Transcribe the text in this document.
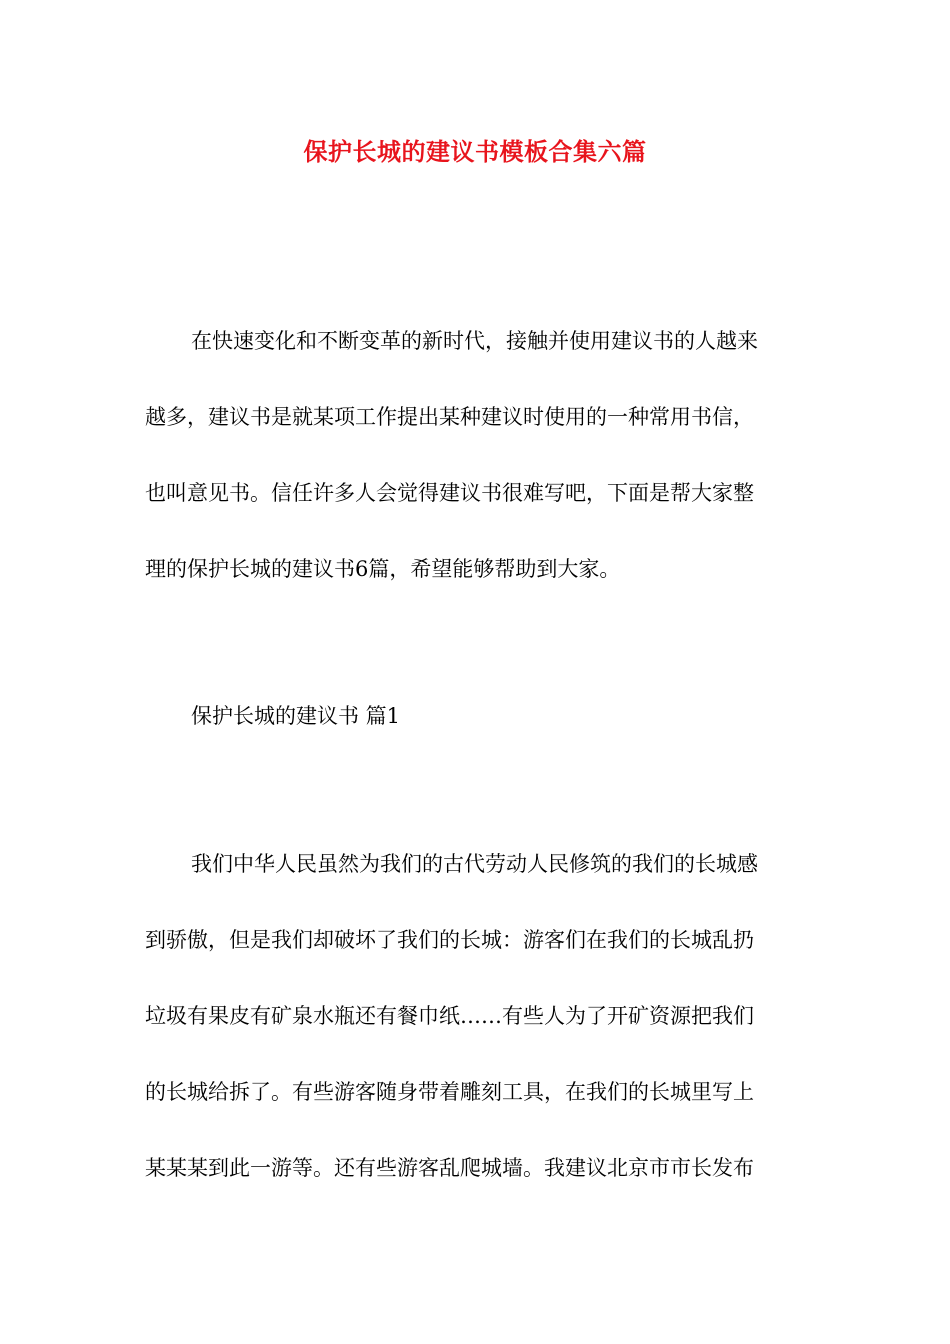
保护长城的建议书模板合集六篇
在快速变化和不断变革的新时代，接触并使用建议书的人越来
越多，建议书是就某项工作提出某种建议时使用的一种常用书信，
也叫意见书。信任许多人会觉得建议书很难写吧，下面是帮大家整
理的保护长城的建议书6篇，希望能够帮助到大家。
保护长城的建议书 篇1
我们中华人民虽然为我们的古代劳动人民修筑的我们的长城感
到骄傲，但是我们却破坏了我们的长城：游客们在我们的长城乱扔
垃圾有果皮有矿泉水瓶还有餐巾纸……有些人为了开矿资源把我们
的长城给拆了。有些游客随身带着雕刻工具，在我们的长城里写上
某某某到此一游等。还有些游客乱爬城墙。我建议北京市市长发布
